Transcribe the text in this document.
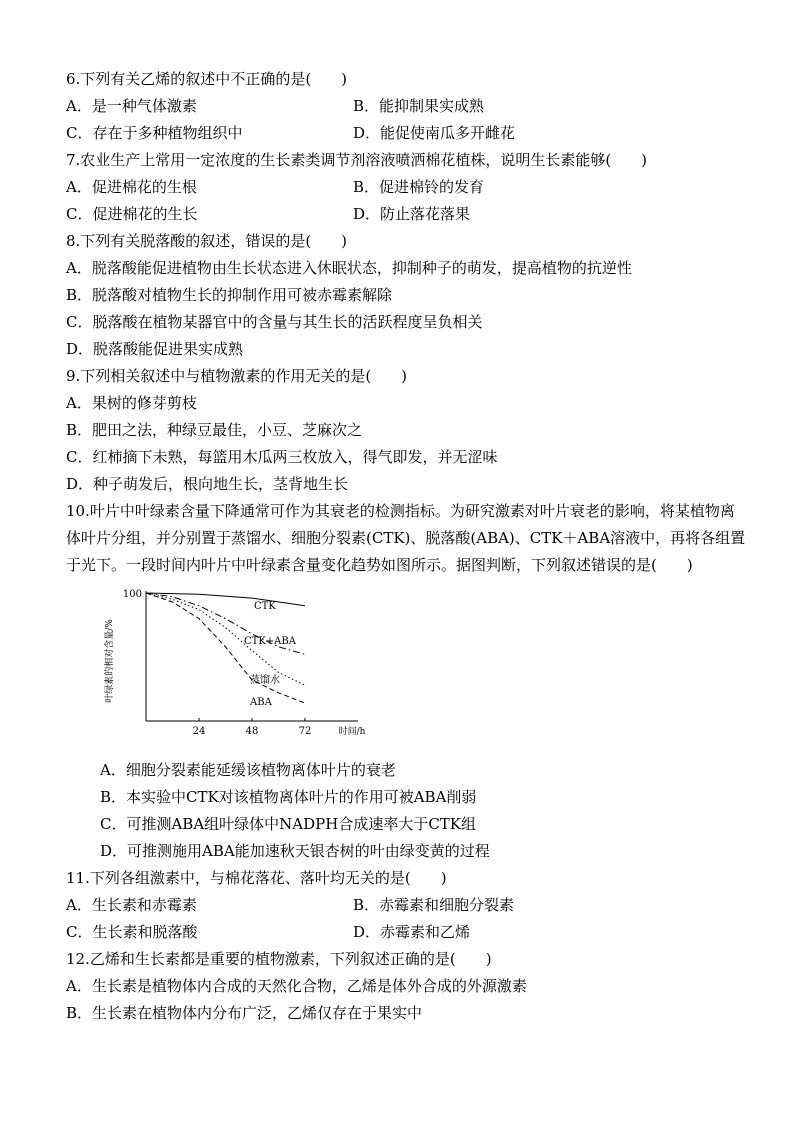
6.下列有关乙烯的叙述中不正确的是(　　)
A．是一种气体激素	B．能抑制果实成熟
C．存在于多种植物组织中	D．能促使南瓜多开雌花
7.农业生产上常用一定浓度的生长素类调节剂溶液喷洒棉花植株，说明生长素能够(　　)
A．促进棉花的生根	B．促进棉铃的发育
C．促进棉花的生长	D．防止落花落果
8.下列有关脱落酸的叙述，错误的是(　　)
A．脱落酸能促进植物由生长状态进入休眠状态，抑制种子的萌发，提高植物的抗逆性
B．脱落酸对植物生长的抑制作用可被赤霉素解除
C．脱落酸在植物某器官中的含量与其生长的活跃程度呈负相关
D．脱落酸能促进果实成熟
9.下列相关叙述中与植物激素的作用无关的是(　　)
A．果树的修芽剪枝
B．肥田之法，种绿豆最佳，小豆、芝麻次之
C．红柿摘下未熟，每篮用木瓜两三枚放入，得气即发，并无涩味
D．种子萌发后，根向地生长，茎背地生长
10.叶片中叶绿素含量下降通常可作为其衰老的检测指标。为研究激素对叶片衰老的影响，将某植物离体叶片分组，并分别置于蒸馏水、细胞分裂素(CTK)、脱落酸(ABA)、CTK＋ABA溶液中，再将各组置于光下。一段时间内叶片中叶绿素含量变化趋势如图所示。据图判断，下列叙述错误的是(　　)
24	48	72
100
时间/h
叶绿素的相对含量/%
CTK
CTK+ABA
蒸馏水
ABA
A．细胞分裂素能延缓该植物离体叶片的衰老
B．本实验中CTK对该植物离体叶片的作用可被ABA削弱
C．可推测ABA组叶绿体中NADPH合成速率大于CTK组
D．可推测施用ABA能加速秋天银杏树的叶由绿变黄的过程
11.下列各组激素中，与棉花落花、落叶均无关的是(　　)
A．生长素和赤霉素	B．赤霉素和细胞分裂素
C．生长素和脱落酸	D．赤霉素和乙烯
12.乙烯和生长素都是重要的植物激素，下列叙述正确的是(　　)
A．生长素是植物体内合成的天然化合物，乙烯是体外合成的外源激素
B．生长素在植物体内分布广泛，乙烯仅存在于果实中
